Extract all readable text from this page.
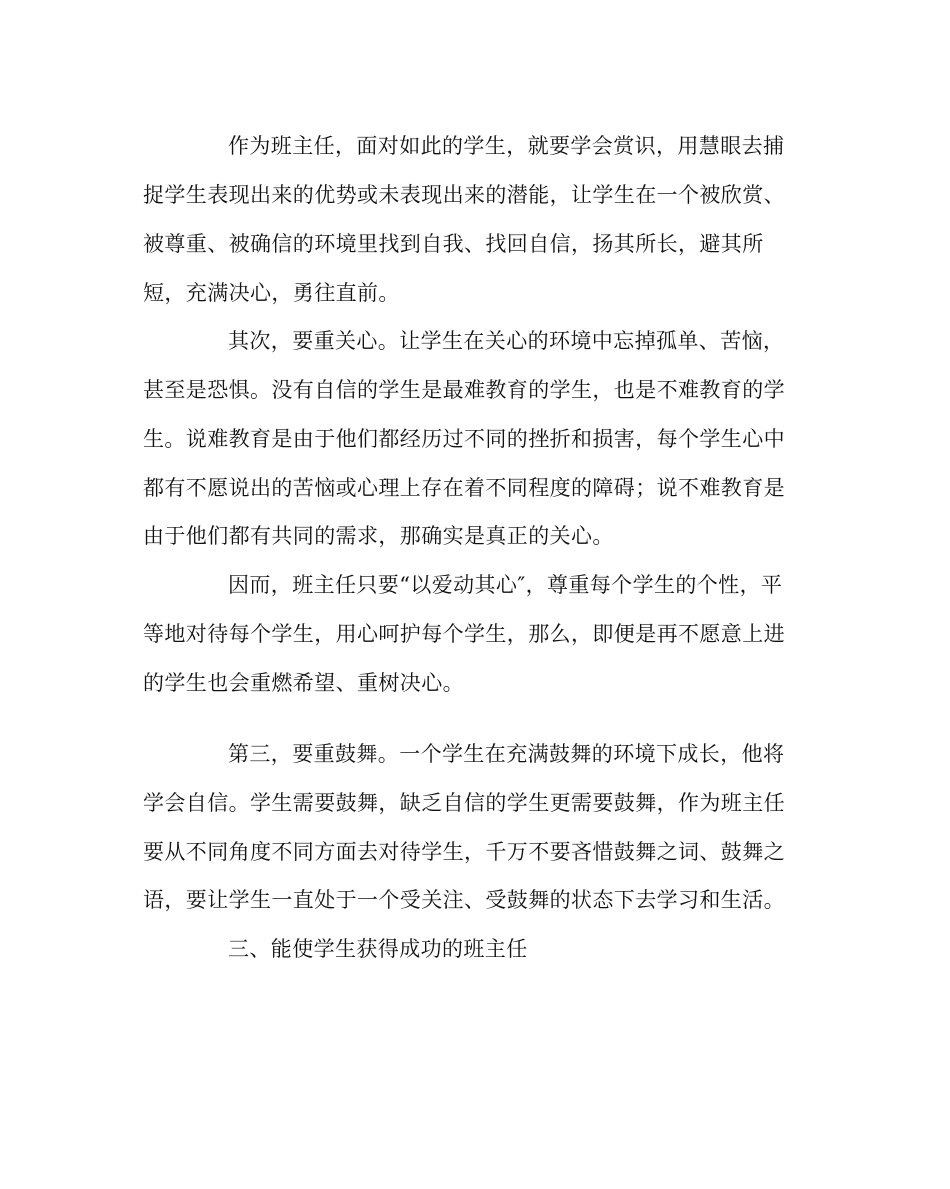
作为班主任，面对如此的学生，就要学会赏识，用慧眼去捕

捉学生表现出来的优势或未表现出来的潜能，让学生在一个被欣赏、

被尊重、被确信的环境里找到自我、找回自信，扬其所长，避其所

短，充满决心，勇往直前。

其次，要重关心。让学生在关心的环境中忘掉孤单、苦恼，

甚至是恐惧。没有自信的学生是最难教育的学生，也是不难教育的学

生。说难教育是由于他们都经历过不同的挫折和损害，每个学生心中

都有不愿说出的苦恼或心理上存在着不同程度的障碍；说不难教育是

由于他们都有共同的需求，那确实是真正的关心。

因而，班主任只要“以爱动其心″，尊重每个学生的个性，平

等地对待每个学生，用心呵护每个学生，那么，即便是再不愿意上进

的学生也会重燃希望、重树决心。

第三，要重鼓舞。一个学生在充满鼓舞的环境下成长，他将

学会自信。学生需要鼓舞，缺乏自信的学生更需要鼓舞，作为班主任

要从不同角度不同方面去对待学生，千万不要吝惜鼓舞之词、鼓舞之

语，要让学生一直处于一个受关注、受鼓舞的状态下去学习和生活。

三、能使学生获得成功的班主任
